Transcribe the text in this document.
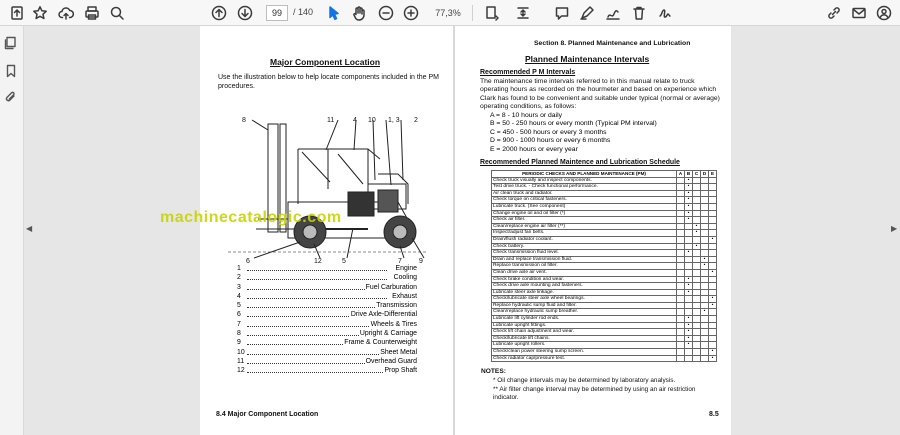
99	/ 140	77,3%
◀	▶
Major Component Location
Use the illustration below to help locate components included in the PM procedures.
8	11	4 10 1, 3 2
6	12	5	7 9
1	Engine
2	Cooling
3	Fuel Carburation
4	Exhaust
5	Transmission
6	Drive Axle-Differential
7	Wheels & Tires
8	Upright & Carriage
9	Frame & Counterweight
10	Sheet Metal
11	Overhead Guard
12	Prop Shaft
8.4 Major Component Location
Section 8. Planned Maintenance and Lubrication
Planned Maintenance Intervals
Recommended P M Intervals
The maintenance time intervals referred to in this manual relate to truck operating hours as recorded on the hourmeter and based on experience which Clark has found to be convenient and suitable under typical (normal or average) operating conditions, as follows:
A = 8 - 10 hours or daily
B = 50 - 250 hours or every month (Typical PM interval)
C = 450 - 500 hours or every 3 months
D = 900 - 1000 hours or every 6 months
E = 2000 hours or every year
Recommended Planned Maintence and Lubrication Schedule
PERIODIC CHECKS AND PLANNED MAINTENANCE (PM)	A	B	C	D	E
Check truck visually and inspect components.		•			
Test drive truck. - Check functional performance.		•			
Air clean truck and radiator.		•			
Check torque on critical fasteners.		•			
Lubricate truck. (See component)		•			
Change engine oil and oil filter (*)		•			
Check air filter.		•			
Clean/replace engine air filter (**)			•		
Inspect/adjust fan belts.			•		
Drain/flush radiator coolant.					•
Check battery.			•		
Check transmission fluid level.		•			
Drain and replace transmission fluid.				•	
Replace transmission oil filter.				•	
Clean drive axle air vent.					•
Check brake condition and wear.		•			
Check drive axle mounting and fasteners.		•			
Lubricate steer axle linkage.		•			
Check/lubricate steer axle wheel bearings.					•
Replace hydraulic sump fluid and filter.					•
Clean/replace hydraulic sump breather.				•	
Lubricate lift cylinder rod ends.		•			
Lubricate upright fittings.		•			
Check lift chain adjustment and wear.		•			
Check/lubricate lift chains.		•			
Lubricate upright rollers.		•			
Check/clean power steering sump screen.					•
Check radiator cap/pressure test.					•
NOTES:
* Oil change intervals may be determined by laboratory analysis.
** Air filter change interval may be determined by using an air restriction indicator.
8.5
machinecatalogic.com
